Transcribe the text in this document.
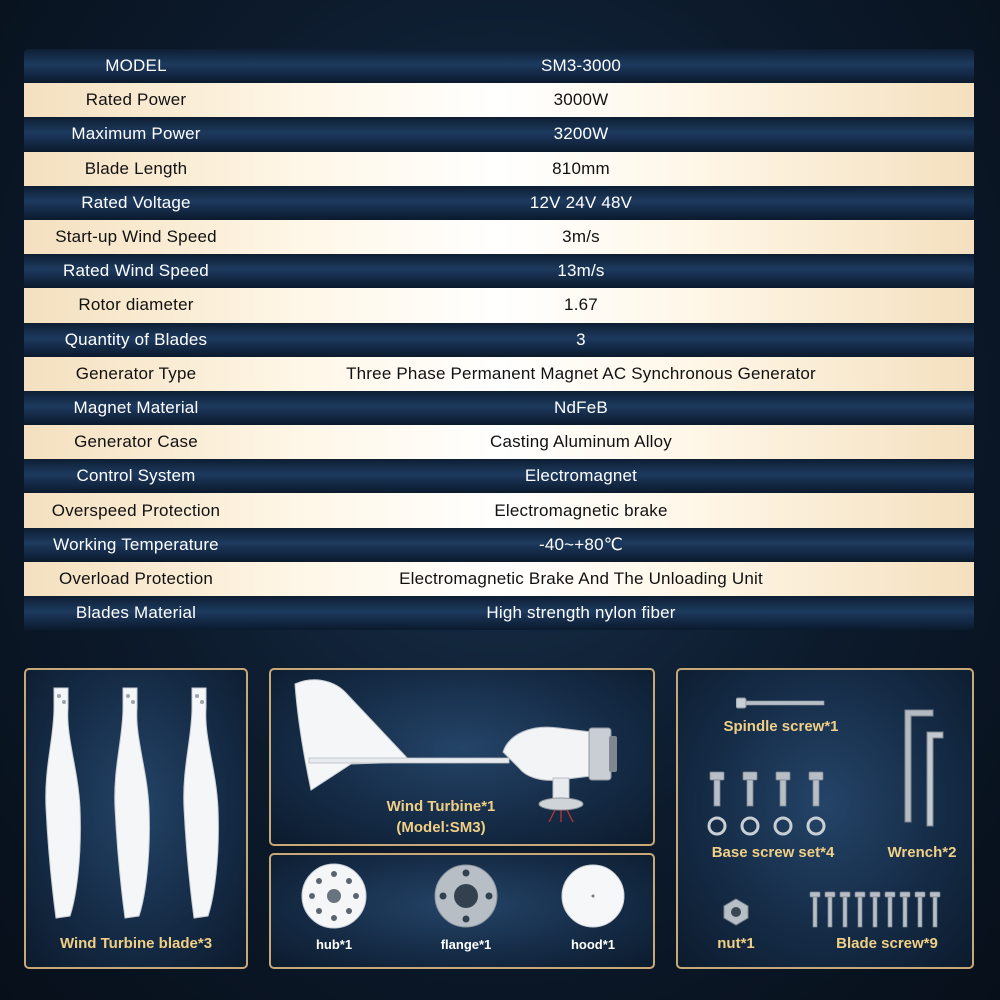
MODEL	SM3-3000
Rated Power	3000W
Maximum Power	3200W
Blade Length	810mm
Rated Voltage	12V 24V 48V
Start-up Wind Speed	3m/s
Rated Wind Speed	13m/s
Rotor diameter	1.67
Quantity of Blades	3
Generator Type	Three Phase Permanent Magnet AC Synchronous Generator
Magnet Material	NdFeB
Generator Case	Casting Aluminum Alloy
Control System	Electromagnet
Overspeed Protection	Electromagnetic brake
Working Temperature	-40~+80℃
Overload Protection	Electromagnetic Brake And The Unloading Unit
Blades Material	High strength nylon fiber
Wind Turbine blade*3
Wind Turbine*1
(Model:SM3)
hub*1	flange*1	hood*1
Spindle screw*1
Wrench*2
Base screw set*4
nut*1	Blade screw*9
